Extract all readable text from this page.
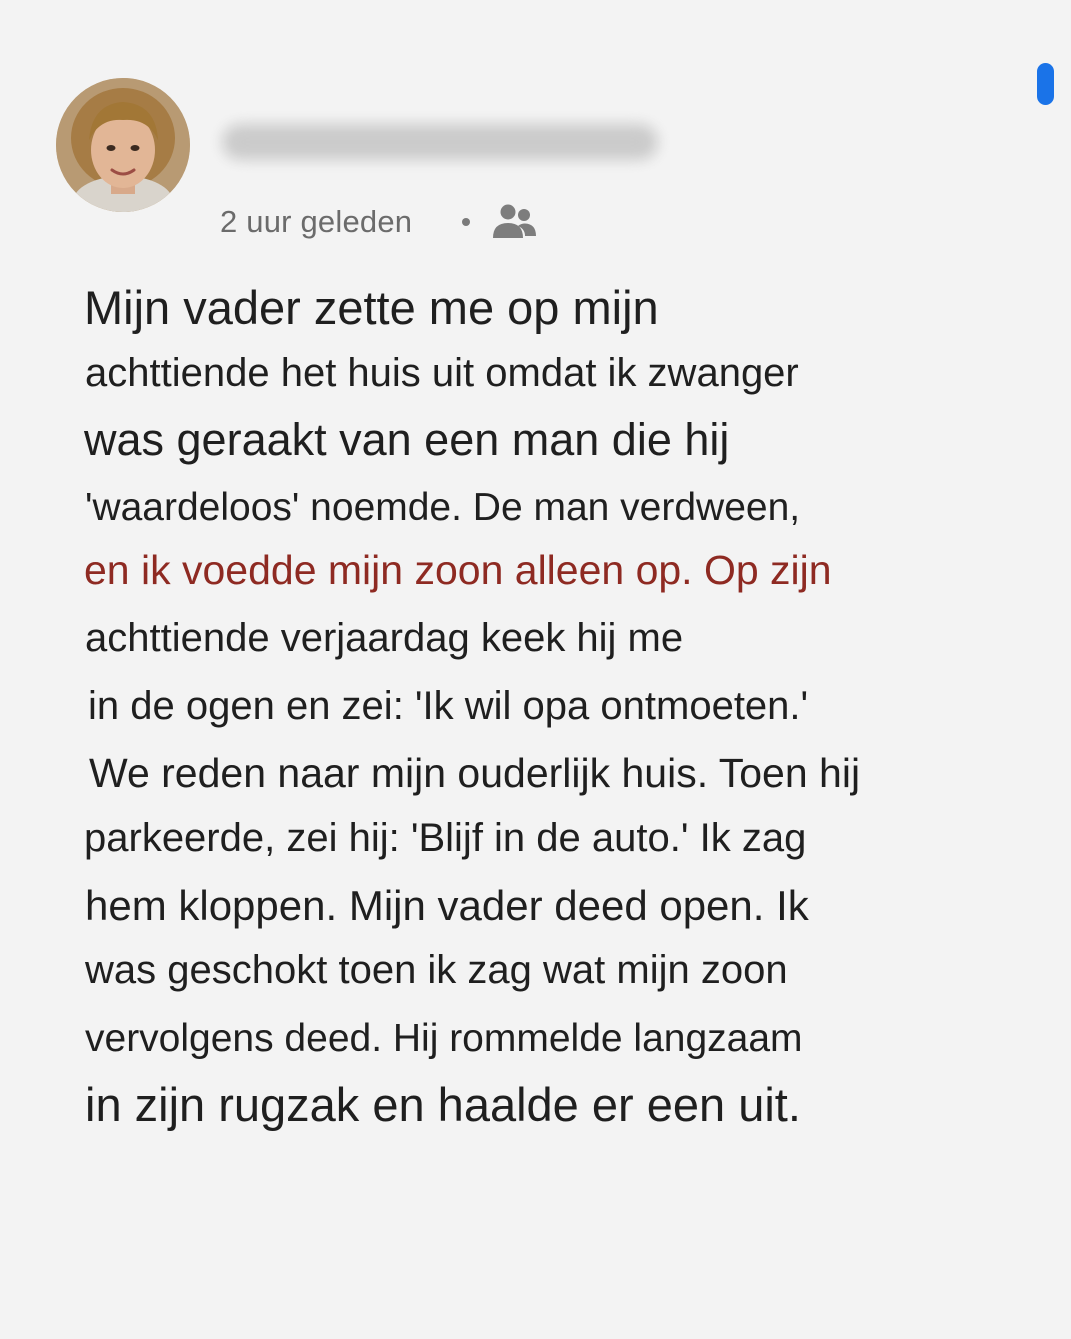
2 uur geleden
Mijn vader zette me op mijn
achttiende het huis uit omdat ik zwanger
was geraakt van een man die hij
'waardeloos' noemde. De man verdween,
en ik voedde mijn zoon alleen op. Op zijn
achttiende verjaardag keek hij me
in de ogen en zei: 'Ik wil opa ontmoeten.'
We reden naar mijn ouderlijk huis. Toen hij
parkeerde, zei hij: 'Blijf in de auto.' Ik zag
hem kloppen. Mijn vader deed open. Ik
was geschokt toen ik zag wat mijn zoon
vervolgens deed. Hij rommelde langzaam
in zijn rugzak en haalde er een uit.
